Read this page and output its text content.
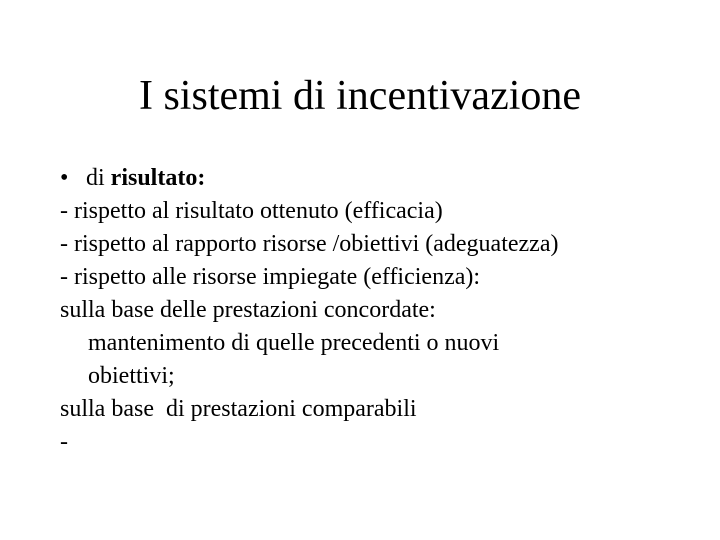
I sistemi di incentivazione
• di risultato:
- rispetto al risultato ottenuto (efficacia)
- rispetto al rapporto risorse /obiettivi (adeguatezza)
- rispetto alle risorse impiegate (efficienza):
sulla base delle prestazioni concordate:
mantenimento di quelle precedenti o nuovi
obiettivi;
sulla base  di prestazioni comparabili
-
